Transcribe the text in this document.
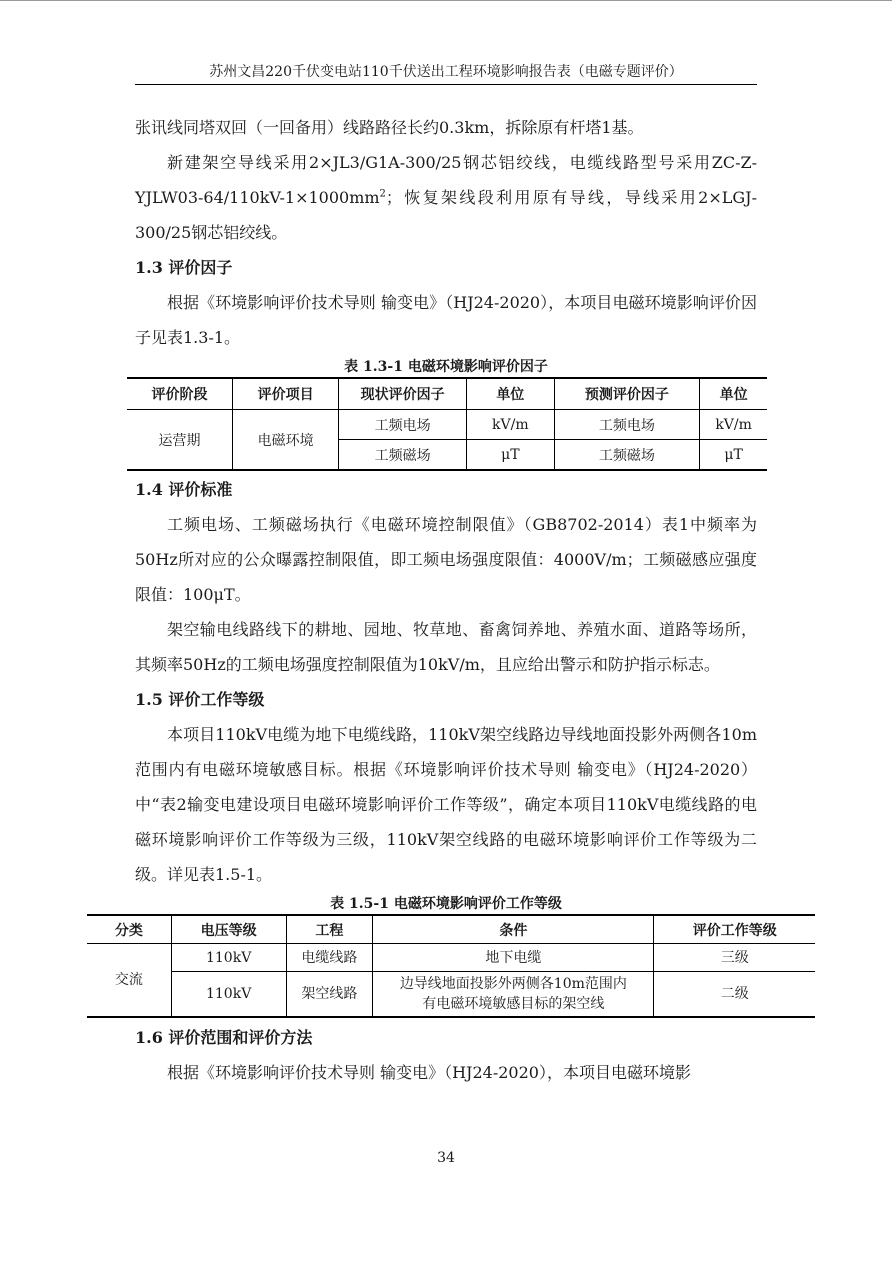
苏州文昌220千伏变电站110千伏送出工程环境影响报告表（电磁专题评价）

张讯线同塔双回（一回备用）线路路径长约0.3km，拆除原有杆塔1基。

新建架空导线采用2×JL3/G1A-300/25钢芯铝绞线，电缆线路型号采用$ZC-Z-YJLW03-64/110kV-1\times 1000mm^2$；恢复架线段利用原有导线，导线采用2×LGJ-300/25钢芯铝绞线。

1.3 评价因子

根据《环境影响评价技术导则 输变电》（HJ24-2020），本项目电磁环境影响评价因子见表1.3-1。

表 1.3-1 电磁环境影响评价因子
评价阶段	评价项目	现状评价因子	单位	预测评价因子	单位
运营期	电磁环境	工频电场	kV/m	工频电场	kV/m
		工频磁场	μT	工频磁场	μT
1.4 评价标准

工频电场、工频磁场执行《电磁环境控制限值》（GB8702-2014）表1中频率为50Hz所对应的公众曝露控制限值，即工频电场强度限值：4000V/m；工频磁感应强度限值：100μT。

架空输电线路线下的耕地、园地、牧草地、畜禽饲养地、养殖水面、道路等场所，其频率50Hz的工频电场强度控制限值为10kV/m，且应给出警示和防护指示标志。

1.5 评价工作等级

本项目110kV电缆为地下电缆线路，110kV架空线路边导线地面投影外两侧各10m范围内有电磁环境敏感目标。根据《环境影响评价技术导则 输变电》（HJ24-2020）中“表2输变电建设项目电磁环境影响评价工作等级”，确定本项目110kV电缆线路的电磁环境影响评价工作等级为三级，110kV架空线路的电磁环境影响评价工作等级为二级。详见表1.5-1。

表 1.5-1 电磁环境影响评价工作等级
分类	电压等级	工程	条件	评价工作等级
交流	110kV	电缆线路	地下电缆	三级
	110kV	架空线路	边导线地面投影外两侧各10m范围内
有电磁环境敏感目标的架空线	二级
1.6 评价范围和评价方法

根据《环境影响评价技术导则 输变电》（HJ24-2020），本项目电磁环境影

34
